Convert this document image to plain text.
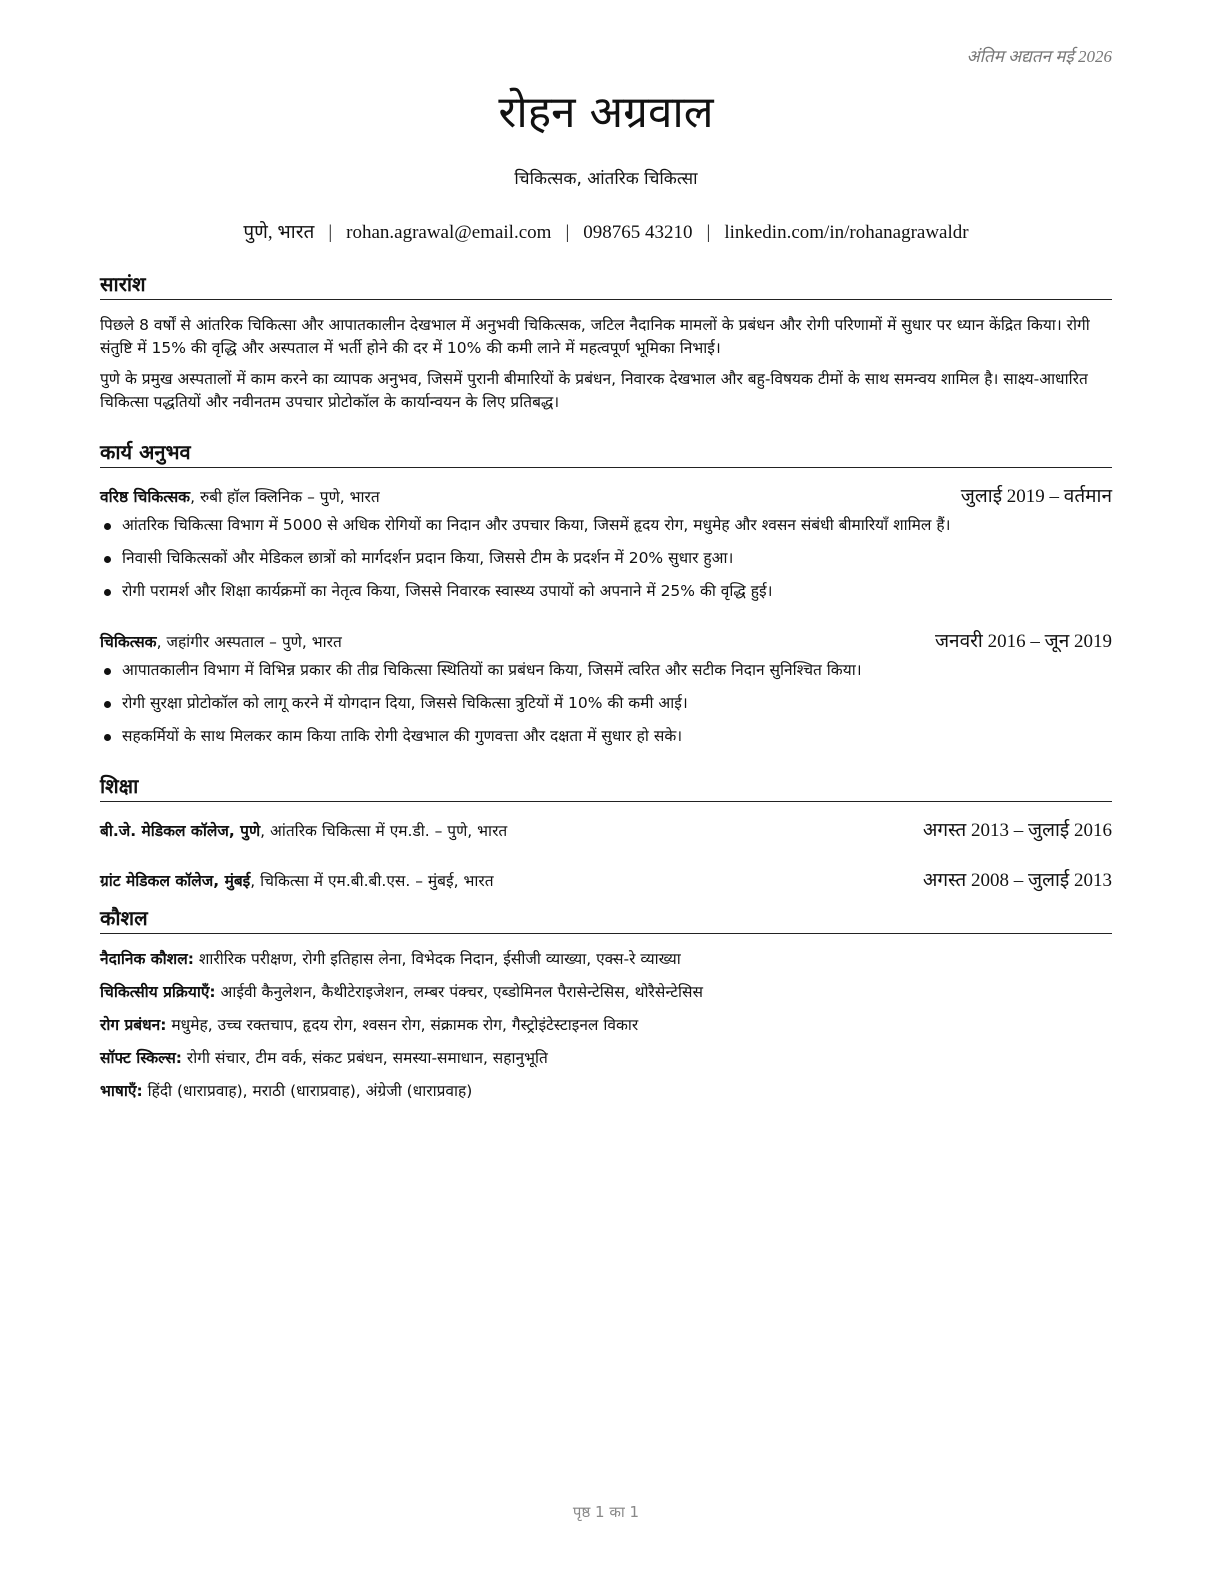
अंतिम अद्यतन मई 2026
रोहन अग्रवाल
चिकित्सक, आंतरिक चिकित्सा
पुणे, भारत | rohan.agrawal@email.com | 098765 43210 | linkedin.com/in/rohanagrawaldr
सारांश

पिछले 8 वर्षों से आंतरिक चिकित्सा और आपातकालीन देखभाल में अनुभवी चिकित्सक, जटिल नैदानिक मामलों के प्रबंधन और रोगी परिणामों में सुधार पर ध्यान केंद्रित किया। रोगी संतुष्टि में 15% की वृद्धि और अस्पताल में भर्ती होने की दर में 10% की कमी लाने में महत्वपूर्ण भूमिका निभाई।

पुणे के प्रमुख अस्पतालों में काम करने का व्यापक अनुभव, जिसमें पुरानी बीमारियों के प्रबंधन, निवारक देखभाल और बहु-विषयक टीमों के साथ समन्वय शामिल है। साक्ष्य-आधारित चिकित्सा पद्धतियों और नवीनतम उपचार प्रोटोकॉल के कार्यान्वयन के लिए प्रतिबद्ध।

कार्य अनुभव
वरिष्ठ चिकित्सक, रुबी हॉल क्लिनिक – पुणे, भारत	जुलाई 2019 – वर्तमान
आंतरिक चिकित्सा विभाग में 5000 से अधिक रोगियों का निदान और उपचार किया, जिसमें हृदय रोग, मधुमेह और श्वसन संबंधी बीमारियाँ शामिल हैं।
निवासी चिकित्सकों और मेडिकल छात्रों को मार्गदर्शन प्रदान किया, जिससे टीम के प्रदर्शन में 20% सुधार हुआ।
रोगी परामर्श और शिक्षा कार्यक्रमों का नेतृत्व किया, जिससे निवारक स्वास्थ्य उपायों को अपनाने में 25% की वृद्धि हुई।
चिकित्सक, जहांगीर अस्पताल – पुणे, भारत	जनवरी 2016 – जून 2019
आपातकालीन विभाग में विभिन्न प्रकार की तीव्र चिकित्सा स्थितियों का प्रबंधन किया, जिसमें त्वरित और सटीक निदान सुनिश्चित किया।
रोगी सुरक्षा प्रोटोकॉल को लागू करने में योगदान दिया, जिससे चिकित्सा त्रुटियों में 10% की कमी आई।
सहकर्मियों के साथ मिलकर काम किया ताकि रोगी देखभाल की गुणवत्ता और दक्षता में सुधार हो सके।
शिक्षा
बी.जे. मेडिकल कॉलेज, पुणे, आंतरिक चिकित्सा में एम.डी. – पुणे, भारत	अगस्त 2013 – जुलाई 2016
ग्रांट मेडिकल कॉलेज, मुंबई, चिकित्सा में एम.बी.बी.एस. – मुंबई, भारत	अगस्त 2008 – जुलाई 2013
कौशल
नैदानिक कौशल: शारीरिक परीक्षण, रोगी इतिहास लेना, विभेदक निदान, ईसीजी व्याख्या, एक्स-रे व्याख्या
चिकित्सीय प्रक्रियाएँ: आईवी कैनुलेशन, कैथीटेराइजेशन, लम्बर पंक्चर, एब्डोमिनल पैरासेन्टेसिस, थोरैसेन्टेसिस
रोग प्रबंधन: मधुमेह, उच्च रक्तचाप, हृदय रोग, श्वसन रोग, संक्रामक रोग, गैस्ट्रोइंटेस्टाइनल विकार
सॉफ्ट स्किल्स: रोगी संचार, टीम वर्क, संकट प्रबंधन, समस्या-समाधान, सहानुभूति
भाषाएँ: हिंदी (धाराप्रवाह), मराठी (धाराप्रवाह), अंग्रेजी (धाराप्रवाह)
पृष्ठ 1 का 1
